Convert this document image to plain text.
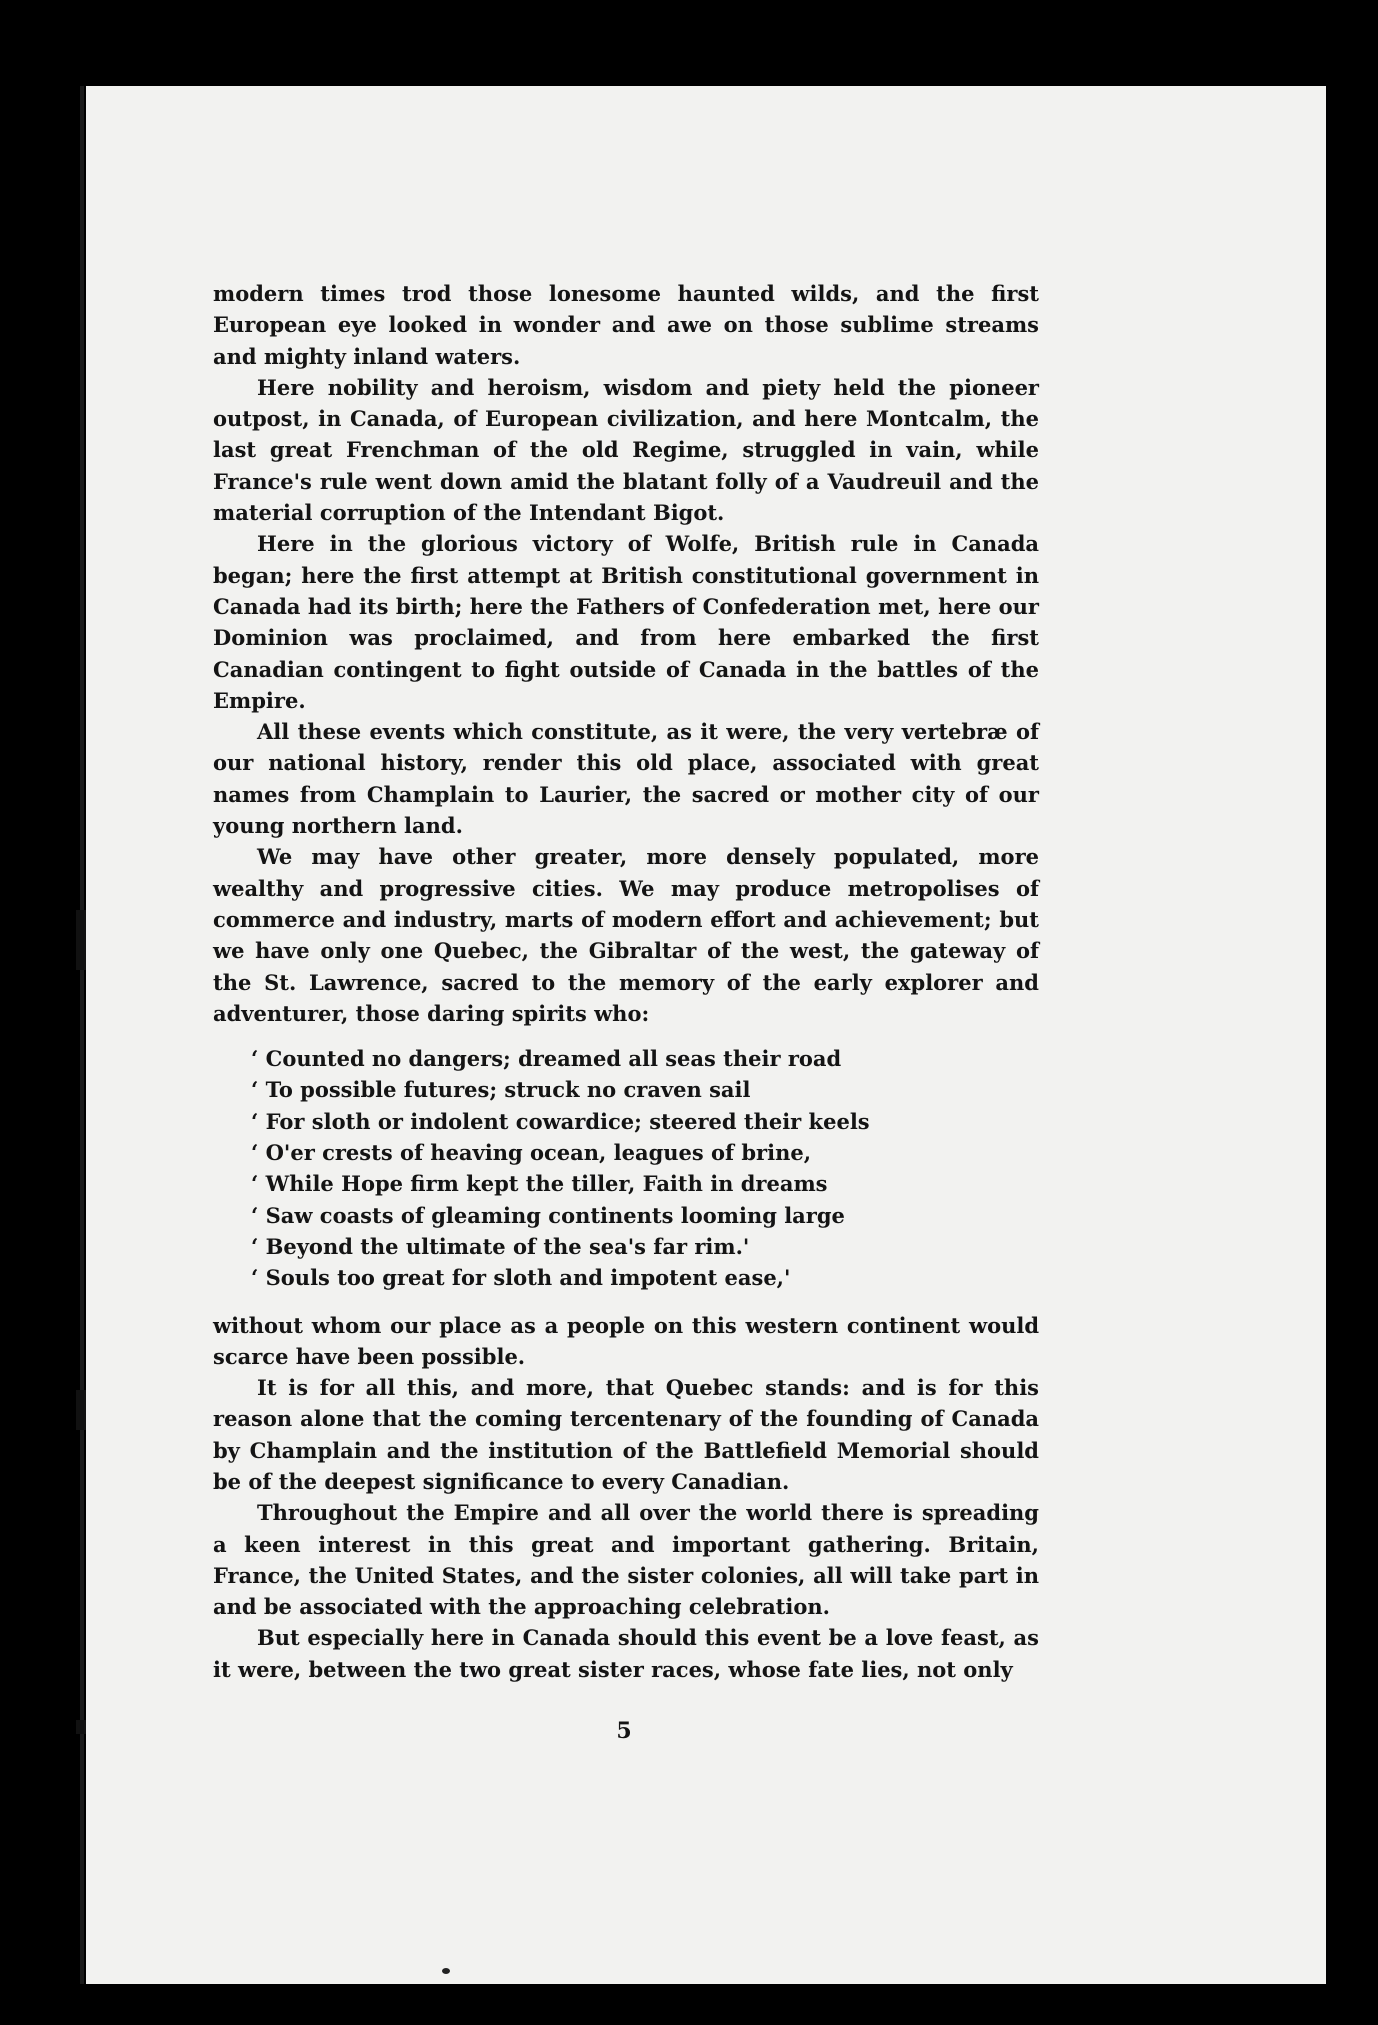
modern times trod those lonesome haunted wilds, and the first European eye looked in wonder and awe on those sublime streams and mighty inland waters.

Here nobility and heroism, wisdom and piety held the pioneer outpost, in Canada, of European civilization, and here Montcalm, the last great Frenchman of the old Regime, struggled in vain, while France's rule went down amid the blatant folly of a Vaudreuil and the material corruption of the Intendant Bigot.

Here in the glorious victory of Wolfe, British rule in Canada began; here the first attempt at British constitutional government in Canada had its birth; here the Fathers of Confederation met, here our Dominion was proclaimed, and from here embarked the first Canadian contingent to fight outside of Canada in the battles of the Empire.

All these events which constitute, as it were, the very vertebræ of our national history, render this old place, associated with great names from Champlain to Laurier, the sacred or mother city of our young northern land.

We may have other greater, more densely populated, more wealthy and progressive cities. We may produce metropolises of commerce and industry, marts of modern effort and achievement; but we have only one Quebec, the Gibraltar of the west, the gateway of the St. Lawrence, sacred to the memory of the early explorer and adventurer, those daring spirits who:

‘ Counted no dangers; dreamed all seas their road
‘ To possible futures; struck no craven sail
‘ For sloth or indolent cowardice; steered their keels
‘ O'er crests of heaving ocean, leagues of brine,
‘ While Hope firm kept the tiller, Faith in dreams
‘ Saw coasts of gleaming continents looming large
‘ Beyond the ultimate of the sea's far rim.'
‘ Souls too great for sloth and impotent ease,'

without whom our place as a people on this western continent would scarce have been possible.

It is for all this, and more, that Quebec stands: and is for this reason alone that the coming tercentenary of the founding of Canada by Champlain and the institution of the Battlefield Memorial should be of the deepest significance to every Canadian.

Throughout the Empire and all over the world there is spreading a keen interest in this great and important gathering. Britain, France, the United States, and the sister colonies, all will take part in and be associated with the approaching celebration.

But especially here in Canada should this event be a love feast, as it were, between the two great sister races, whose fate lies, not only

5
